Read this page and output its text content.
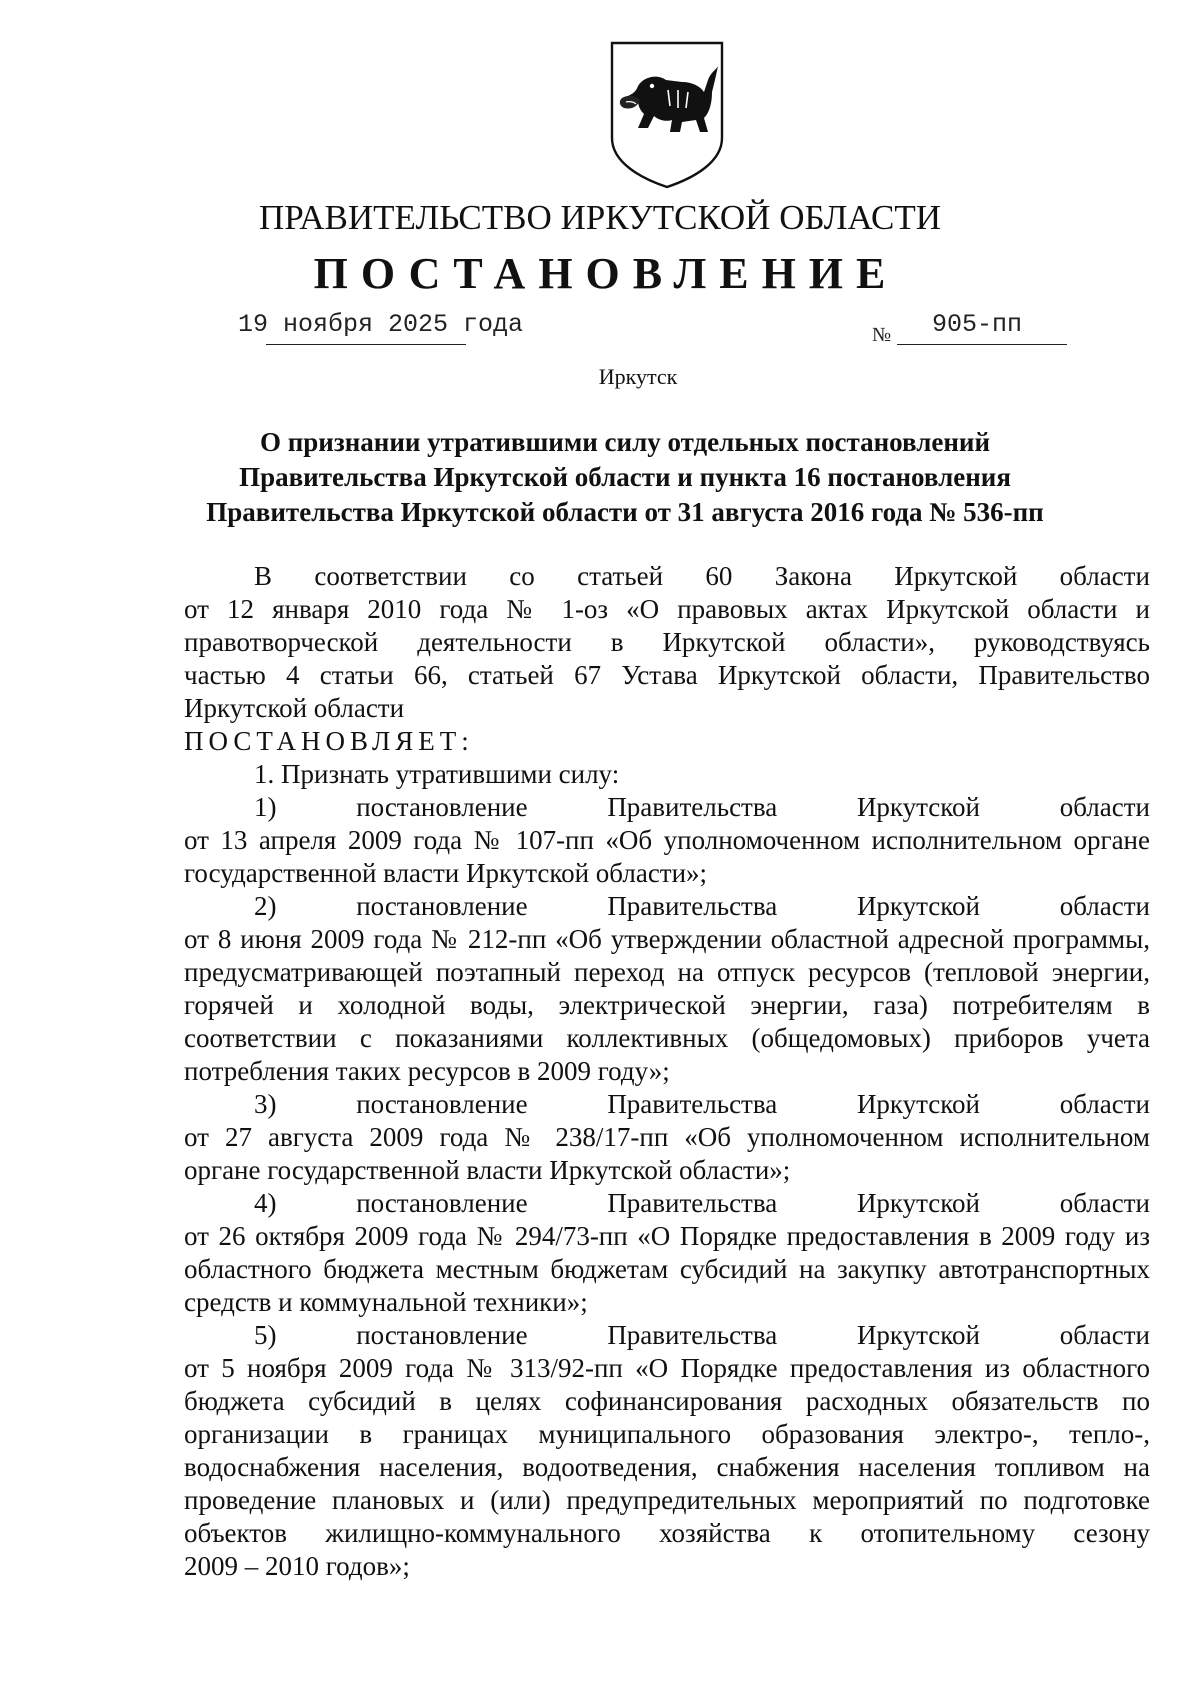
ПРАВИТЕЛЬСТВО ИРКУТСКОЙ ОБЛАСТИ
ПОСТАНОВЛЕНИЕ
19 ноября 2025 года	№ 905-пп
Иркутск
О признании утратившими силу отдельных постановлений
Правительства Иркутской области и пункта 16 постановления
Правительства Иркутской области от 31 августа 2016 года № 536-пп
В соответствии со статьей 60 Закона Иркутской области

от 12 января 2010 года № 1-оз «О правовых актах Иркутской области и

правотворческой деятельности в Иркутской области», руководствуясь

частью 4 статьи 66, статьей 67 Устава Иркутской области, Правительство

Иркутской области

ПОСТАНОВЛЯЕТ:

1. Признать утратившими силу:

1)	постановление	Правительства	Иркутской	области

от 13 апреля 2009 года № 107-пп «Об уполномоченном исполнительном органе

государственной власти Иркутской области»;

2)	постановление	Правительства	Иркутской	области

от 8 июня 2009 года № 212-пп «Об утверждении областной адресной программы,

предусматривающей поэтапный переход на отпуск ресурсов (тепловой энергии,

горячей и холодной воды, электрической энергии, газа) потребителям в

соответствии с показаниями коллективных (общедомовых) приборов учета

потребления таких ресурсов в 2009 году»;

3)	постановление	Правительства	Иркутской	области

от 27 августа 2009 года № 238/17-пп «Об уполномоченном исполнительном

органе государственной власти Иркутской области»;

4)	постановление	Правительства	Иркутской	области

от 26 октября 2009 года № 294/73-пп «О Порядке предоставления в 2009 году из

областного бюджета местным бюджетам субсидий на закупку автотранспортных

средств и коммунальной техники»;

5)	постановление	Правительства	Иркутской	области

от 5 ноября 2009 года № 313/92-пп «О Порядке предоставления из областного

бюджета субсидий в целях софинансирования расходных обязательств по

организации в границах муниципального образования электро-, тепло-,

водоснабжения населения, водоотведения, снабжения населения топливом на

проведение плановых и (или) предупредительных мероприятий по подготовке

объектов жилищно-коммунального хозяйства к отопительному сезону

2009 – 2010 годов»;
